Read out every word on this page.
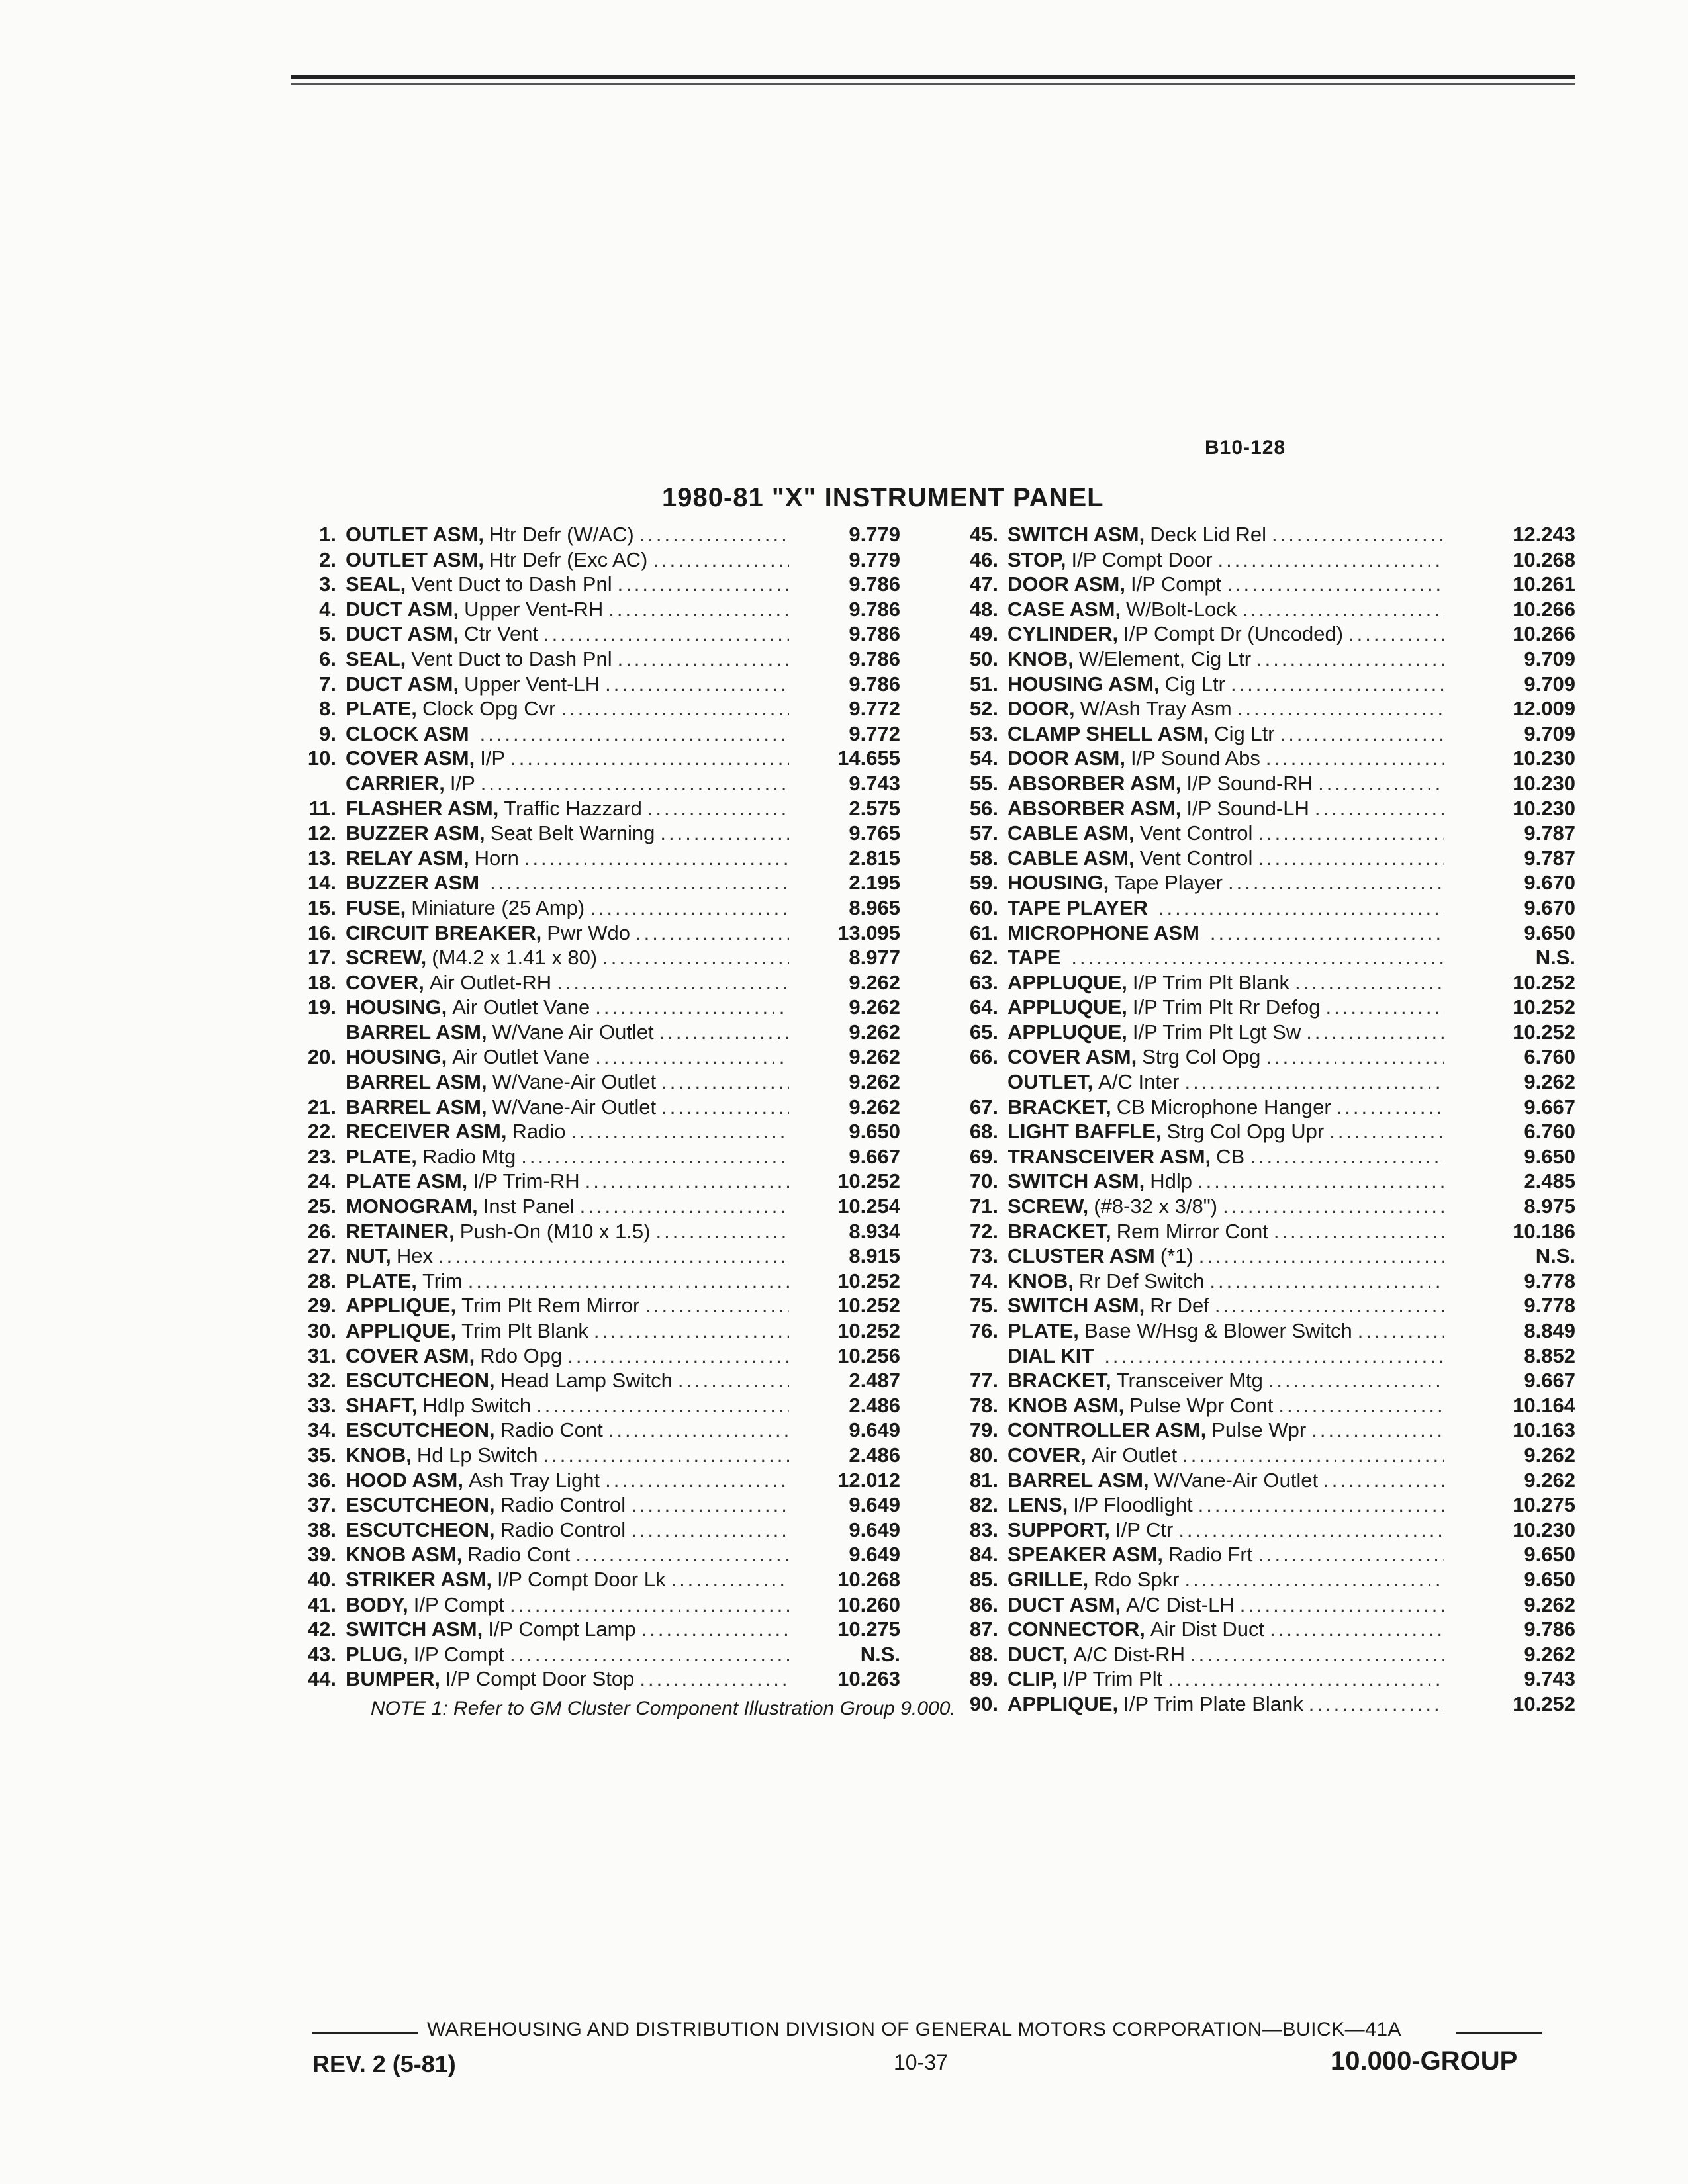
B10-128
1980-81 "X" INSTRUMENT PANEL
1. OUTLET ASM, Htr Defr (W/AC) .....	9.779
2. OUTLET ASM, Htr Defr (Exc AC) .....	9.779
3. SEAL, Vent Duct to Dash Pnl .....	9.786
4. DUCT ASM, Upper Vent-RH .....	9.786
5. DUCT ASM, Ctr Vent .....	9.786
6. SEAL, Vent Duct to Dash Pnl .....	9.786
7. DUCT ASM, Upper Vent-LH .....	9.786
8. PLATE, Clock Opg Cvr .....	9.772
9. CLOCK ASM .....	9.772
10. COVER ASM, I/P .....	14.655
CARRIER, I/P .....	9.743
11. FLASHER ASM, Traffic Hazzard .....	2.575
12. BUZZER ASM, Seat Belt Warning .....	9.765
13. RELAY ASM, Horn .....	2.815
14. BUZZER ASM .....	2.195
15. FUSE, Miniature (25 Amp) .....	8.965
16. CIRCUIT BREAKER, Pwr Wdo .....	13.095
17. SCREW, (M4.2 x 1.41 x 80) .....	8.977
18. COVER, Air Outlet-RH .....	9.262
19. HOUSING, Air Outlet Vane .....	9.262
BARREL ASM, W/Vane Air Outlet .....	9.262
20. HOUSING, Air Outlet Vane .....	9.262
BARREL ASM, W/Vane-Air Outlet .....	9.262
21. BARREL ASM, W/Vane-Air Outlet .....	9.262
22. RECEIVER ASM, Radio .....	9.650
23. PLATE, Radio Mtg .....	9.667
24. PLATE ASM, I/P Trim-RH .....	10.252
25. MONOGRAM, Inst Panel .....	10.254
26. RETAINER, Push-On (M10 x 1.5) .....	8.934
27. NUT, Hex .....	8.915
28. PLATE, Trim .....	10.252
29. APPLIQUE, Trim Plt Rem Mirror .....	10.252
30. APPLIQUE, Trim Plt Blank .....	10.252
31. COVER ASM, Rdo Opg .....	10.256
32. ESCUTCHEON, Head Lamp Switch .....	2.487
33. SHAFT, Hdlp Switch .....	2.486
34. ESCUTCHEON, Radio Cont .....	9.649
35. KNOB, Hd Lp Switch .....	2.486
36. HOOD ASM, Ash Tray Light .....	12.012
37. ESCUTCHEON, Radio Control .....	9.649
38. ESCUTCHEON, Radio Control .....	9.649
39. KNOB ASM, Radio Cont .....	9.649
40. STRIKER ASM, I/P Compt Door Lk .....	10.268
41. BODY, I/P Compt .....	10.260
42. SWITCH ASM, I/P Compt Lamp .....	10.275
43. PLUG, I/P Compt .....	N.S.
44. BUMPER, I/P Compt Door Stop .....	10.263
45. SWITCH ASM, Deck Lid Rel .....	12.243
46. STOP, I/P Compt Door .....	10.268
47. DOOR ASM, I/P Compt .....	10.261
48. CASE ASM, W/Bolt-Lock .....	10.266
49. CYLINDER, I/P Compt Dr (Uncoded) .....	10.266
50. KNOB, W/Element, Cig Ltr .....	9.709
51. HOUSING ASM, Cig Ltr .....	9.709
52. DOOR, W/Ash Tray Asm .....	12.009
53. CLAMP SHELL ASM, Cig Ltr .....	9.709
54. DOOR ASM, I/P Sound Abs .....	10.230
55. ABSORBER ASM, I/P Sound-RH .....	10.230
56. ABSORBER ASM, I/P Sound-LH .....	10.230
57. CABLE ASM, Vent Control .....	9.787
58. CABLE ASM, Vent Control .....	9.787
59. HOUSING, Tape Player .....	9.670
60. TAPE PLAYER .....	9.670
61. MICROPHONE ASM .....	9.650
62. TAPE .....	N.S.
63. APPLUQUE, I/P Trim Plt Blank .....	10.252
64. APPLUQUE, I/P Trim Plt Rr Defog .....	10.252
65. APPLUQUE, I/P Trim Plt Lgt Sw .....	10.252
66. COVER ASM, Strg Col Opg .....	6.760
OUTLET, A/C Inter .....	9.262
67. BRACKET, CB Microphone Hanger .....	9.667
68. LIGHT BAFFLE, Strg Col Opg Upr .....	6.760
69. TRANSCEIVER ASM, CB .....	9.650
70. SWITCH ASM, Hdlp .....	2.485
71. SCREW, (#8-32 x 3/8") .....	8.975
72. BRACKET, Rem Mirror Cont .....	10.186
73. CLUSTER ASM (*1) .....	N.S.
74. KNOB, Rr Def Switch .....	9.778
75. SWITCH ASM, Rr Def .....	9.778
76. PLATE, Base W/Hsg & Blower Switch .....	8.849
DIAL KIT .....	8.852
77. BRACKET, Transceiver Mtg .....	9.667
78. KNOB ASM, Pulse Wpr Cont .....	10.164
79. CONTROLLER ASM, Pulse Wpr .....	10.163
80. COVER, Air Outlet .....	9.262
81. BARREL ASM, W/Vane-Air Outlet .....	9.262
82. LENS, I/P Floodlight .....	10.275
83. SUPPORT, I/P Ctr .....	10.230
84. SPEAKER ASM, Radio Frt .....	9.650
85. GRILLE, Rdo Spkr .....	9.650
86. DUCT ASM, A/C Dist-LH .....	9.262
87. CONNECTOR, Air Dist Duct .....	9.786
88. DUCT, A/C Dist-RH .....	9.262
89. CLIP, I/P Trim Plt .....	9.743
90. APPLIQUE, I/P Trim Plate Blank .....	10.252
NOTE 1: Refer to GM Cluster Component Illustration Group 9.000.
WAREHOUSING AND DISTRIBUTION DIVISION OF GENERAL MOTORS CORPORATION—BUICK—41A
REV. 2 (5-81)	10-37	10.000-GROUP
